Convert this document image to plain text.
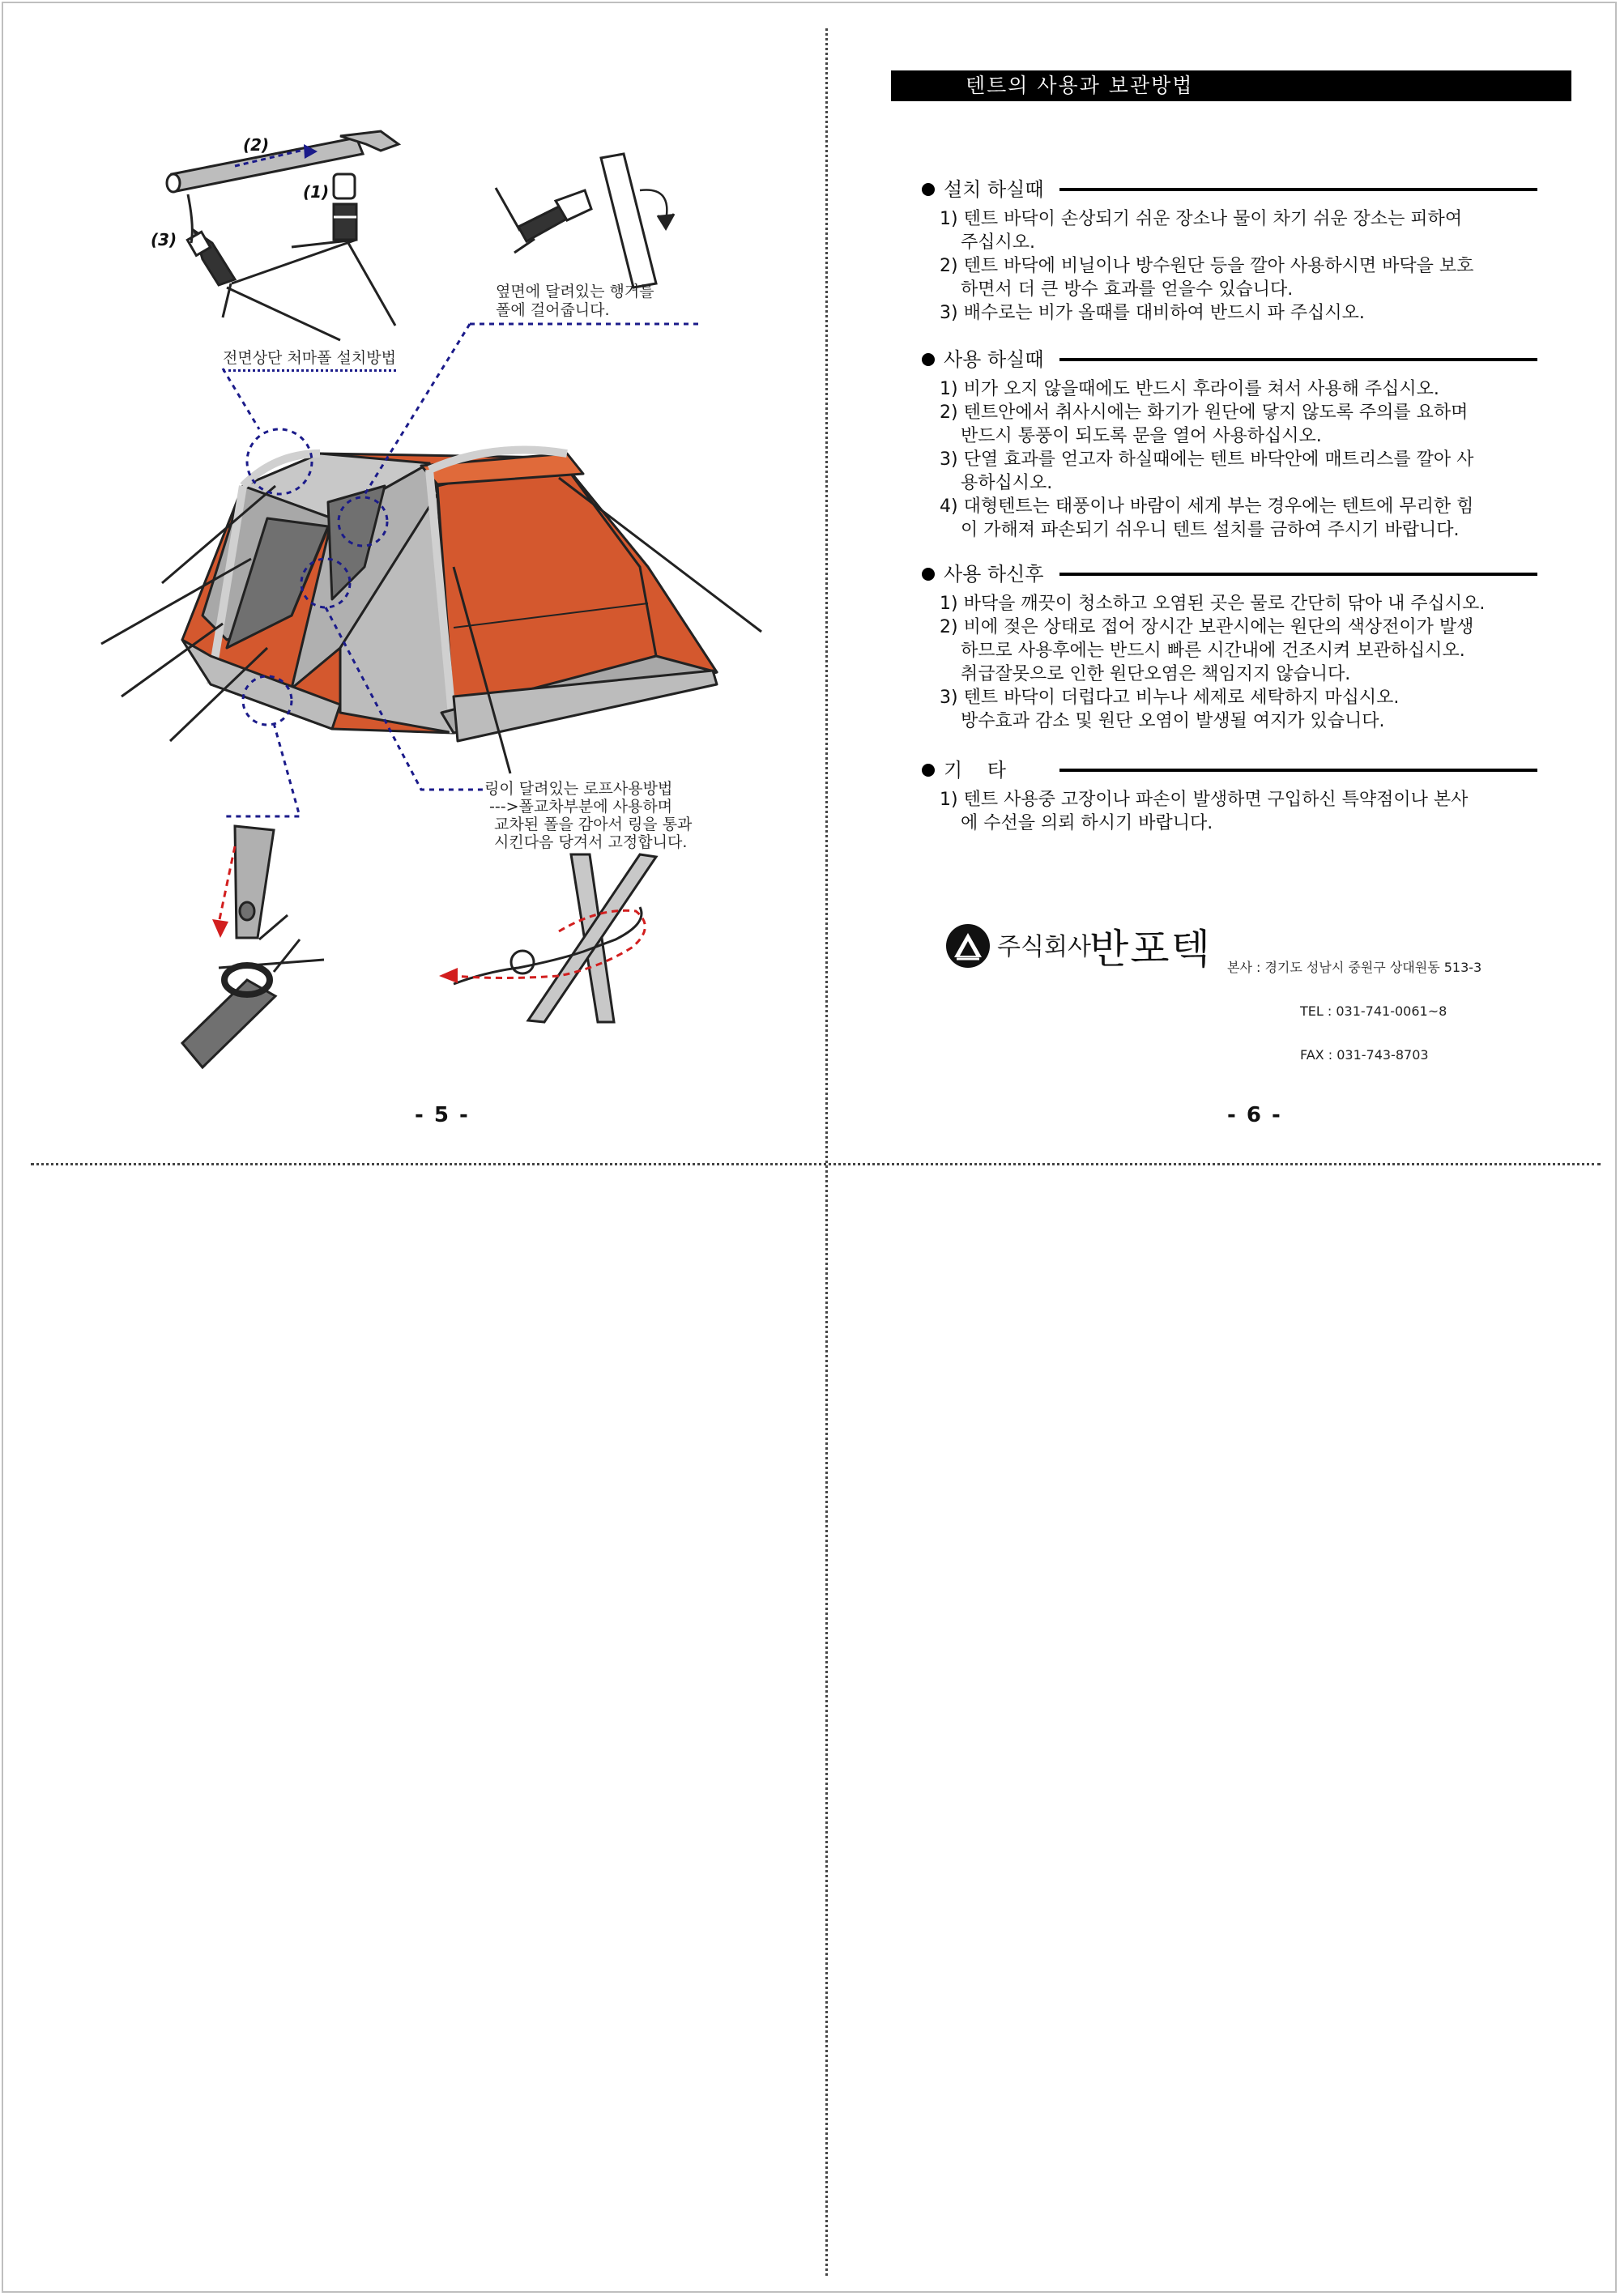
(2)
(1)
(3)
옆면에 달려있는 행거를
폴에 걸어줍니다.
전면상단 처마폴 설치방법
링이 달려있는 로프사용방법
--->폴교차부분에 사용하며
교차된 폴을 감아서 링을 통과
시킨다음 당겨서 고정합니다.
- 5 -
텐트의 사용과 보관방법
설치 하실때
1) 텐트 바닥이 손상되기 쉬운 장소나 물이 차기 쉬운 장소는 피하여
주십시오.
2) 텐트 바닥에 비닐이나 방수원단 등을 깔아 사용하시면 바닥을 보호
하면서 더 큰 방수 효과를 얻을수 있습니다.
3) 배수로는 비가 올때를 대비하여 반드시 파 주십시오.
사용 하실때
1) 비가 오지 않을때에도 반드시 후라이를 쳐서 사용해 주십시오.
2) 텐트안에서 취사시에는 화기가 원단에 닿지 않도록 주의를 요하며
반드시 통풍이 되도록 문을 열어 사용하십시오.
3) 단열 효과를 얻고자 하실때에는 텐트 바닥안에 매트리스를 깔아 사
용하십시오.
4) 대형텐트는 태풍이나 바람이 세게 부는 경우에는 텐트에 무리한 힘
이 가해져 파손되기 쉬우니 텐트 설치를 금하여 주시기 바랍니다.
사용 하신후
1) 바닥을 깨끗이 청소하고 오염된 곳은 물로 간단히 닦아 내 주십시오.
2) 비에 젖은 상태로 접어 장시간 보관시에는 원단의 색상전이가 발생
하므로 사용후에는 반드시 빠른 시간내에 건조시켜 보관하십시오.
취급잘못으로 인한 원단오염은 책임지지 않습니다.
3) 텐트 바닥이 더럽다고 비누나 세제로 세탁하지 마십시오.
방수효과 감소 및 원단 오염이 발생될 여지가 있습니다.
기    타
1) 텐트 사용중 고장이나 파손이 발생하면 구입하신 특약점이나 본사
에 수선을 의뢰 하시기 바랍니다.
주식회사
반포텍

본사 : 경기도 성남시 중원구 상대원동 513-3

TEL : 031-741-0061~8

FAX : 031-743-8703

- 6 -
